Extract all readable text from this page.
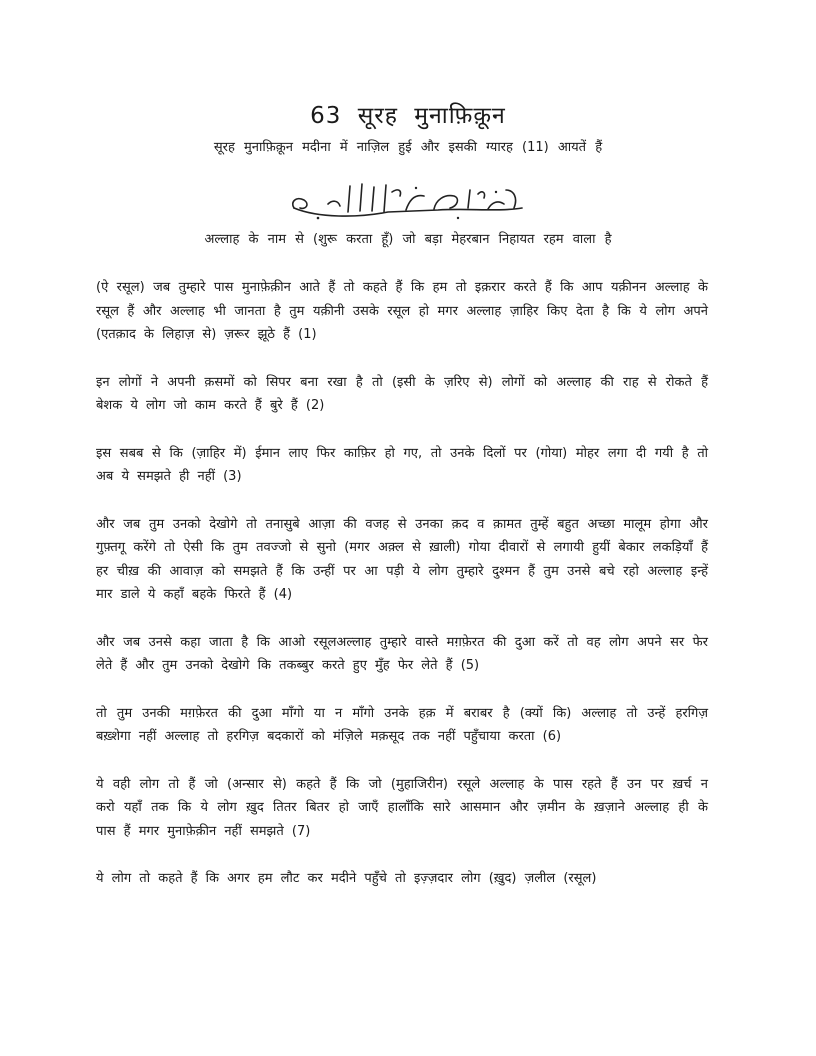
63 सूरह मुनाफ़िक़ून
सूरह मुनाफ़िक़ून मदीना में नाज़िल हुई और इसकी ग्यारह (11) आयतें हैं
अल्लाह के नाम से (शुरू करता हूँ) जो बड़ा मेहरबान निहायत रहम वाला है

(ऐ रसूल) जब तुम्हारे पास मुनाफ़ेक़ीन आते हैं तो कहते हैं कि हम तो इक़रार करते हैं कि आप यक़ीनन अल्लाह के रसूल हैं और अल्लाह भी जानता है तुम यक़ीनी उसके रसूल हो मगर अल्लाह ज़ाहिर किए देता है कि ये लोग अपने (एतक़ाद के लिहाज़ से) ज़रूर झूठे हैं (1)

इन लोगों ने अपनी क़समों को सिपर बना रखा है तो (इसी के ज़रिए से) लोगों को अल्लाह की राह से रोकते हैं बेशक ये लोग जो काम करते हैं बुरे हैं (2)

इस सबब से कि (ज़ाहिर में) ईमान लाए फिर काफ़िर हो गए, तो उनके दिलों पर (गोया) मोहर लगा दी गयी है तो अब ये समझते ही नहीं (3)

और जब तुम उनको देखोगे तो तनासुबे आज़ा की वजह से उनका क़द व क़ामत तुम्हें बहुत अच्छा मालूम होगा और गुफ़्तगू करेंगे तो ऐसी कि तुम तवज्जो से सुनो (मगर अक़्ल से ख़ाली) गोया दीवारों से लगायी हुयीं बेकार लकड़ियाँ हैं हर चीख़ की आवाज़ को समझते हैं कि उन्हीं पर आ पड़ी ये लोग तुम्हारे दुश्मन हैं तुम उनसे बचे रहो अल्लाह इन्हें मार डाले ये कहाँ बहके फिरते हैं (4)

और जब उनसे कहा जाता है कि आओ रसूलअल्लाह तुम्हारे वास्ते मग़फ़ेरत की दुआ करें तो वह लोग अपने सर फेर लेते हैं और तुम उनको देखोगे कि तकब्बुर करते हुए मुँह फेर लेते हैं (5)

तो तुम उनकी मग़फ़ेरत की दुआ माँगो या न माँगो उनके हक़ में बराबर है (क्यों कि) अल्लाह तो उन्हें हरगिज़ बख़्शेगा नहीं अल्लाह तो हरगिज़ बदकारों को मंज़िले मक़सूद तक नहीं पहुँचाया करता (6)

ये वही लोग तो हैं जो (अन्सार से) कहते हैं कि जो (मुहाजिरीन) रसूले अल्लाह के पास रहते हैं उन पर ख़र्च न करो यहाँ तक कि ये लोग ख़ुद तितर बितर हो जाएँ हालाँकि सारे आसमान और ज़मीन के ख़ज़ाने अल्लाह ही के पास हैं मगर मुनाफ़ेक़ीन नहीं समझते (7)

ये लोग तो कहते हैं कि अगर हम लौट कर मदीने पहुँचे तो इज़्ज़दार लोग (ख़ुद) ज़लील (रसूल)
